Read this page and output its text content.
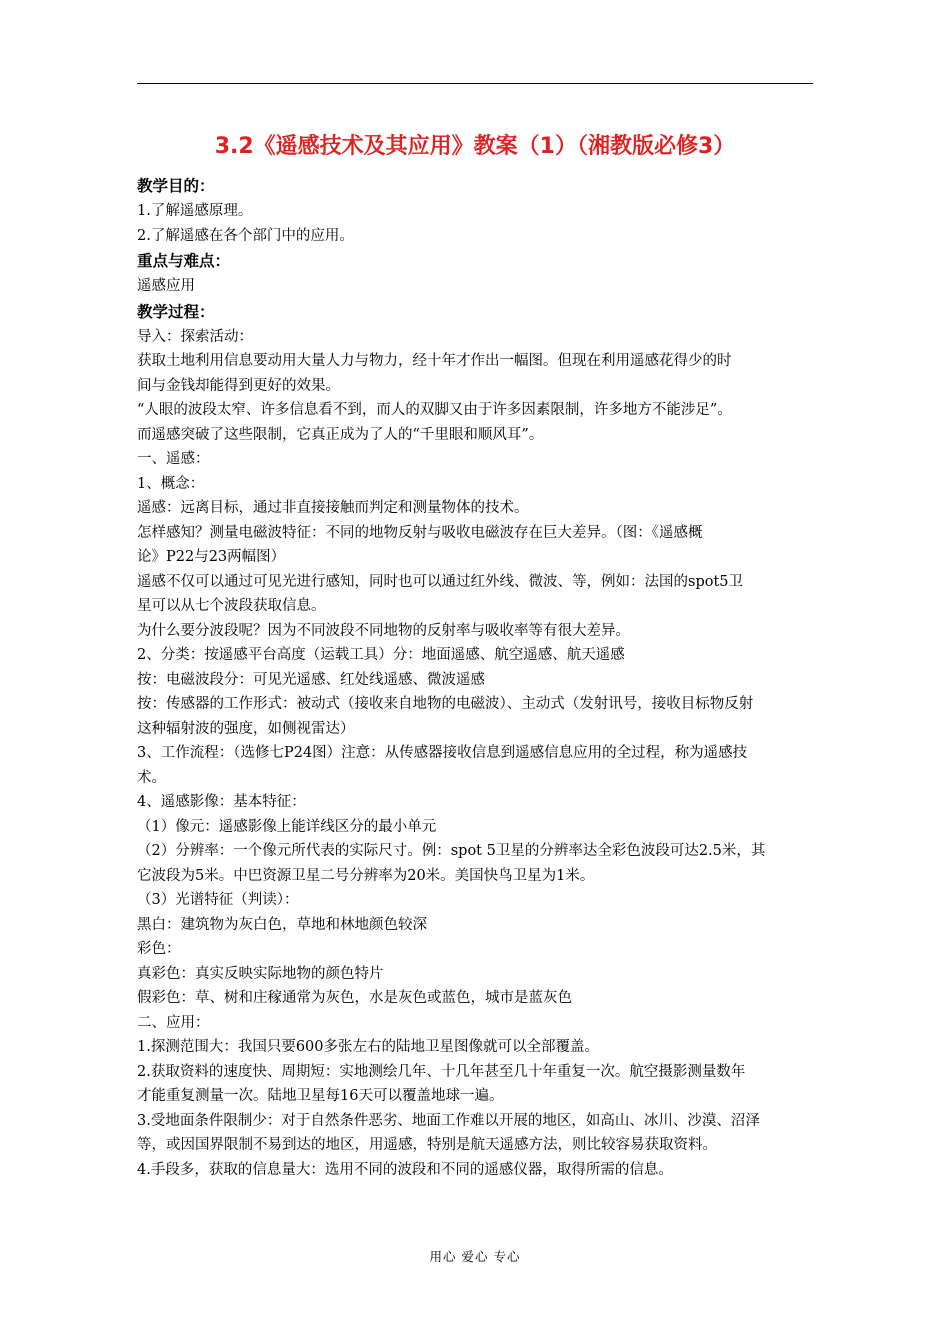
3.2《遥感技术及其应用》教案（1）（湘教版必修3）
教学目的：
1.了解遥感原理。
2.了解遥感在各个部门中的应用。
重点与难点：
遥感应用
教学过程：
导入：探索活动：
获取土地利用信息要动用大量人力与物力，经十年才作出一幅图。但现在利用遥感花得少的时
间与金钱却能得到更好的效果。
“人眼的波段太窄、许多信息看不到，而人的双脚又由于许多因素限制，许多地方不能涉足”。
而遥感突破了这些限制，它真正成为了人的“千里眼和顺风耳”。
一、遥感：
1、概念：
遥感：远离目标，通过非直接接触而判定和测量物体的技术。
怎样感知？测量电磁波特征：不同的地物反射与吸收电磁波存在巨大差异。（图：《遥感概
论》P22与23两幅图）
遥感不仅可以通过可见光进行感知，同时也可以通过红外线、微波、等，例如：法国的spot5卫
星可以从七个波段获取信息。
为什么要分波段呢？因为不同波段不同地物的反射率与吸收率等有很大差异。
2、分类：按遥感平台高度（运载工具）分：地面遥感、航空遥感、航天遥感
按：电磁波段分：可见光遥感、红处线遥感、微波遥感
按：传感器的工作形式：被动式（接收来自地物的电磁波）、主动式（发射讯号，接收目标物反射
这种辐射波的强度，如侧视雷达）
3、工作流程：（选修七P24图）注意：从传感器接收信息到遥感信息应用的全过程，称为遥感技
术。
4、遥感影像：基本特征：
（1）像元：遥感影像上能详线区分的最小单元
（2）分辨率：一个像元所代表的实际尺寸。例：spot 5卫星的分辨率达全彩色波段可达2.5米，其
它波段为5米。中巴资源卫星二号分辨率为20米。美国快鸟卫星为1米。
（3）光谱特征（判读）：
黑白：建筑物为灰白色，草地和林地颜色较深
彩色：
真彩色：真实反映实际地物的颜色特片
假彩色：草、树和庄稼通常为灰色，水是灰色或蓝色，城市是蓝灰色
二、应用：
1.探测范围大：我国只要600多张左右的陆地卫星图像就可以全部覆盖。
2.获取资料的速度快、周期短：实地测绘几年、十几年甚至几十年重复一次。航空摄影测量数年
才能重复测量一次。陆地卫星每16天可以覆盖地球一遍。
3.受地面条件限制少：对于自然条件恶劣、地面工作难以开展的地区，如高山、冰川、沙漠、沼泽
等，或因国界限制不易到达的地区，用遥感，特别是航天遥感方法，则比较容易获取资料。
4.手段多，获取的信息量大：选用不同的波段和不同的遥感仪器，取得所需的信息。
用心 爱心 专心
